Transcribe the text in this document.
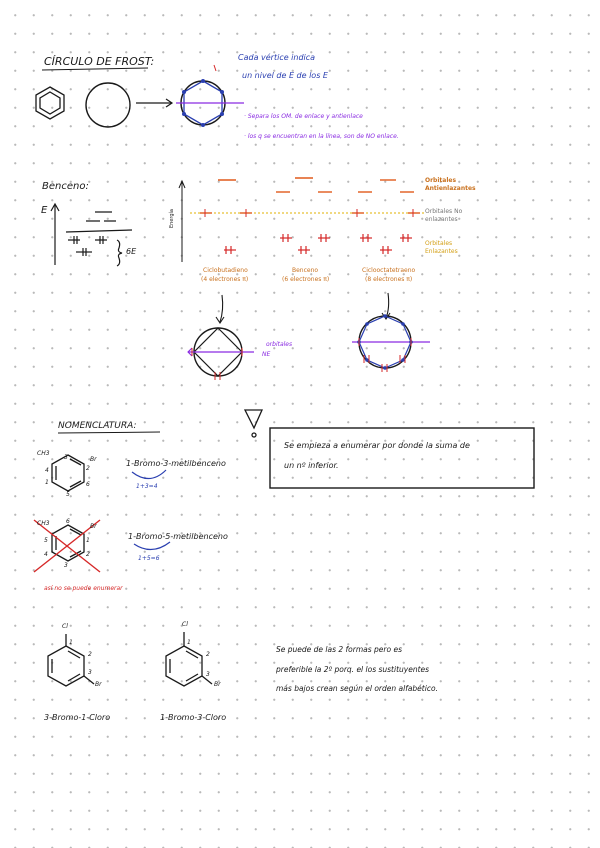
CÍRCULO DE FROST:	Cada vértice indica
un nivel de E de los E
· Separa los OM. de enlace y antienlace
· los q se encuentran en la línea, son de NO enlace.
Benceno:
E
6E
Energía
Orbitales
Antienlazantes
Orbitales No
enlazantes
Orbitales
Enlazantes
Ciclobutadieno
(4 electrones π)
Benceno
(6 electrones π)
Ciclooctatetraeno
(8 electrones π)
orbitales
NE
NOMENCLATURA:
Se empieza a enumerar por donde la suma de
un nº inferior.
CH3
Br
1
2
3
4
5
6
1-Bromo-3-metilbenceno
1+3=4
CH3	Br
1
2
3
4
5
6
1-Bromo-5-metilbenceno
1+5=6
así no se puede enumerar
Cl
Br
1
2
3
3-Bromo-1-Cloro
Cl
Br
1
2
3
1-Bromo-3-Cloro
Se puede de las 2 formas pero es
preferible la 2º porq. el los sustituyentes
más bajos crean según el orden alfabético.
